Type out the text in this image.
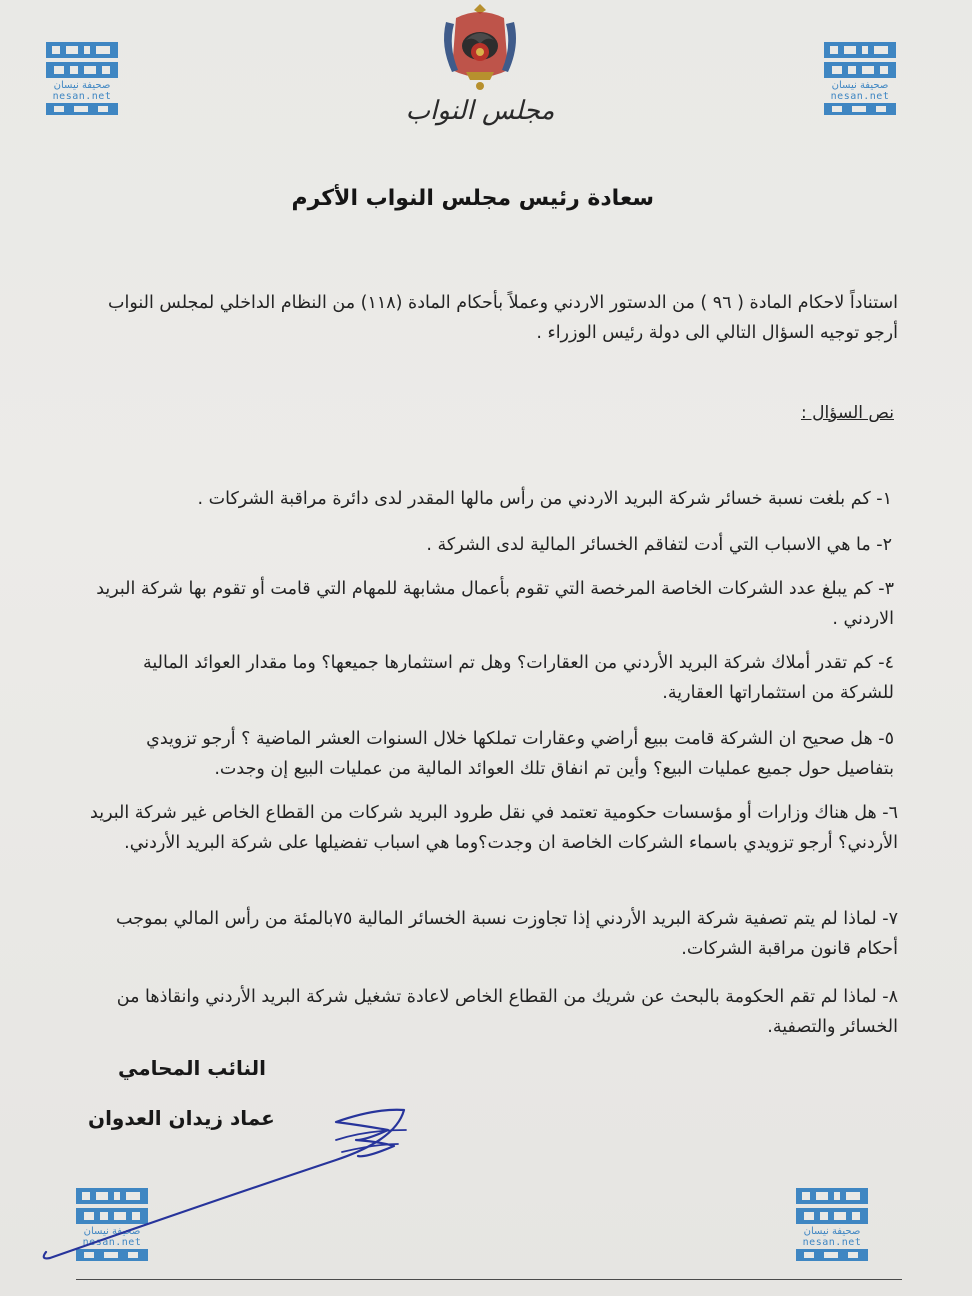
مجلس النواب
صحيفة نيسان
nesan.net
صحيفة نيسان
nesan.net
صحيفة نيسان
nesan.net
صحيفة نيسان
nesan.net
سعادة رئيس مجلس النواب الأكرم
استناداً لاحكام المادة ( ٩٦ ) من الدستور الاردني وعملاً بأحكام المادة (١١٨) من النظام الداخلي لمجلس النواب أرجو توجيه السؤال التالي الى دولة رئيس الوزراء .
نص السؤال :
١- كم بلغت نسبة خسائر شركة البريد الاردني من رأس مالها المقدر لدى دائرة مراقبة الشركات .
٢- ما هي الاسباب التي أدت لتفاقم الخسائر المالية لدى الشركة .
٣- كم يبلغ عدد الشركات الخاصة المرخصة التي تقوم بأعمال مشابهة للمهام التي قامت أو تقوم بها شركة البريد الاردني .
٤- كم تقدر أملاك شركة البريد الأردني من العقارات؟ وهل تم استثمارها جميعها؟ وما مقدار العوائد المالية للشركة من استثماراتها العقارية.
٥- هل صحيح ان الشركة قامت ببيع أراضي وعقارات تملكها خلال السنوات العشر الماضية ؟ أرجو تزويدي بتفاصيل حول جميع عمليات البيع؟ وأين تم انفاق تلك العوائد المالية من عمليات البيع إن وجدت.
٦- هل هناك وزارات أو مؤسسات حكومية تعتمد في نقل طرود البريد شركات من القطاع الخاص غير شركة البريد الأردني؟ أرجو تزويدي باسماء الشركات الخاصة ان وجدت؟وما هي اسباب تفضيلها على شركة البريد الأردني.
٧- لماذا لم يتم تصفية شركة البريد الأردني إذا تجاوزت نسبة الخسائر المالية ٧٥بالمئة من رأس المالي بموجب أحكام قانون مراقبة الشركات.
٨- لماذا لم تقم الحكومة بالبحث عن شريك من القطاع الخاص لاعادة تشغيل شركة البريد الأردني وانقاذها من الخسائر والتصفية.
النائب المحامي
عماد زيدان العدوان
